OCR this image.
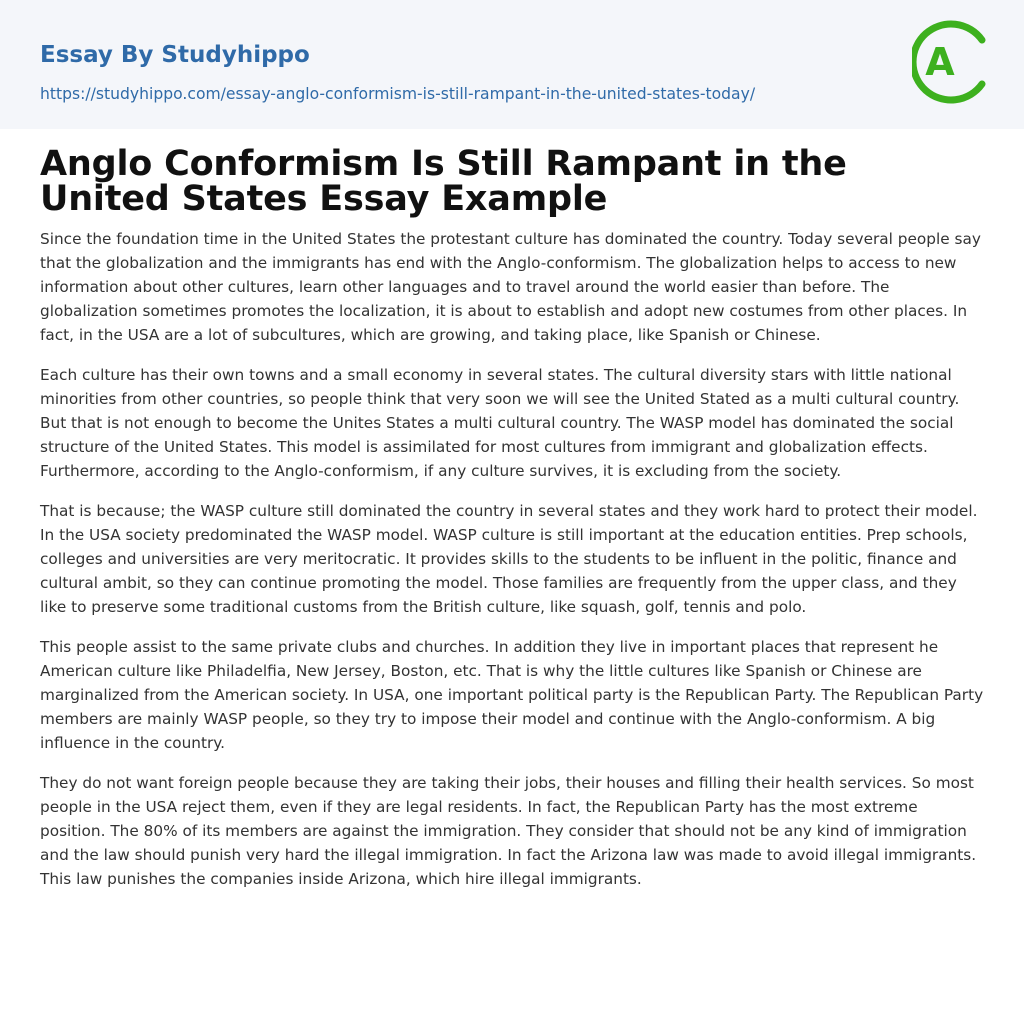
Essay By Studyhippo
https://studyhippo.com/essay-anglo-conformism-is-still-rampant-in-the-united-states-today/
A
Anglo Conformism Is Still Rampant in the United States Essay Example

Since the foundation time in the United States the protestant culture has dominated the country. Today several people say that the globalization and the immigrants has end with the Anglo-conformism. The globalization helps to access to new information about other cultures, learn other languages and to travel around the world easier than before. The globalization sometimes promotes the localization, it is about to establish and adopt new costumes from other places. In fact, in the USA are a lot of subcultures, which are growing, and taking place, like Spanish or Chinese.

Each culture has their own towns and a small economy in several states. The cultural diversity stars with little national minorities from other countries, so people think that very soon we will see the United Stated as a multi cultural country. But that is not enough to become the Unites States a multi cultural country. The WASP model has dominated the social structure of the United States. This model is assimilated for most cultures from immigrant and globalization effects. Furthermore, according to the Anglo-conformism, if any culture survives, it is excluding from the society.

That is because; the WASP culture still dominated the country in several states and they work hard to protect their model. In the USA society predominated the WASP model. WASP culture is still important at the education entities. Prep schools, colleges and universities are very meritocratic. It provides skills to the students to be influent in the politic, finance and cultural ambit, so they can continue promoting the model. Those families are frequently from the upper class, and they like to preserve some traditional customs from the British culture, like squash, golf, tennis and polo.

This people assist to the same private clubs and churches. In addition they live in important places that represent he American culture like Philadelfia, New Jersey, Boston, etc. That is why the little cultures like Spanish or Chinese are marginalized from the American society. In USA, one important political party is the Republican Party. The Republican Party members are mainly WASP people, so they try to impose their model and continue with the Anglo-conformism. A big influence in the country.

They do not want foreign people because they are taking their jobs, their houses and filling their health services. So most people in the USA reject them, even if they are legal residents. In fact, the Republican Party has the most extreme position. The 80% of its members are against the immigration. They consider that should not be any kind of immigration and the law should punish very hard the illegal immigration. In fact the Arizona law was made to avoid illegal immigrants. This law punishes the companies inside Arizona, which hire illegal immigrants.
